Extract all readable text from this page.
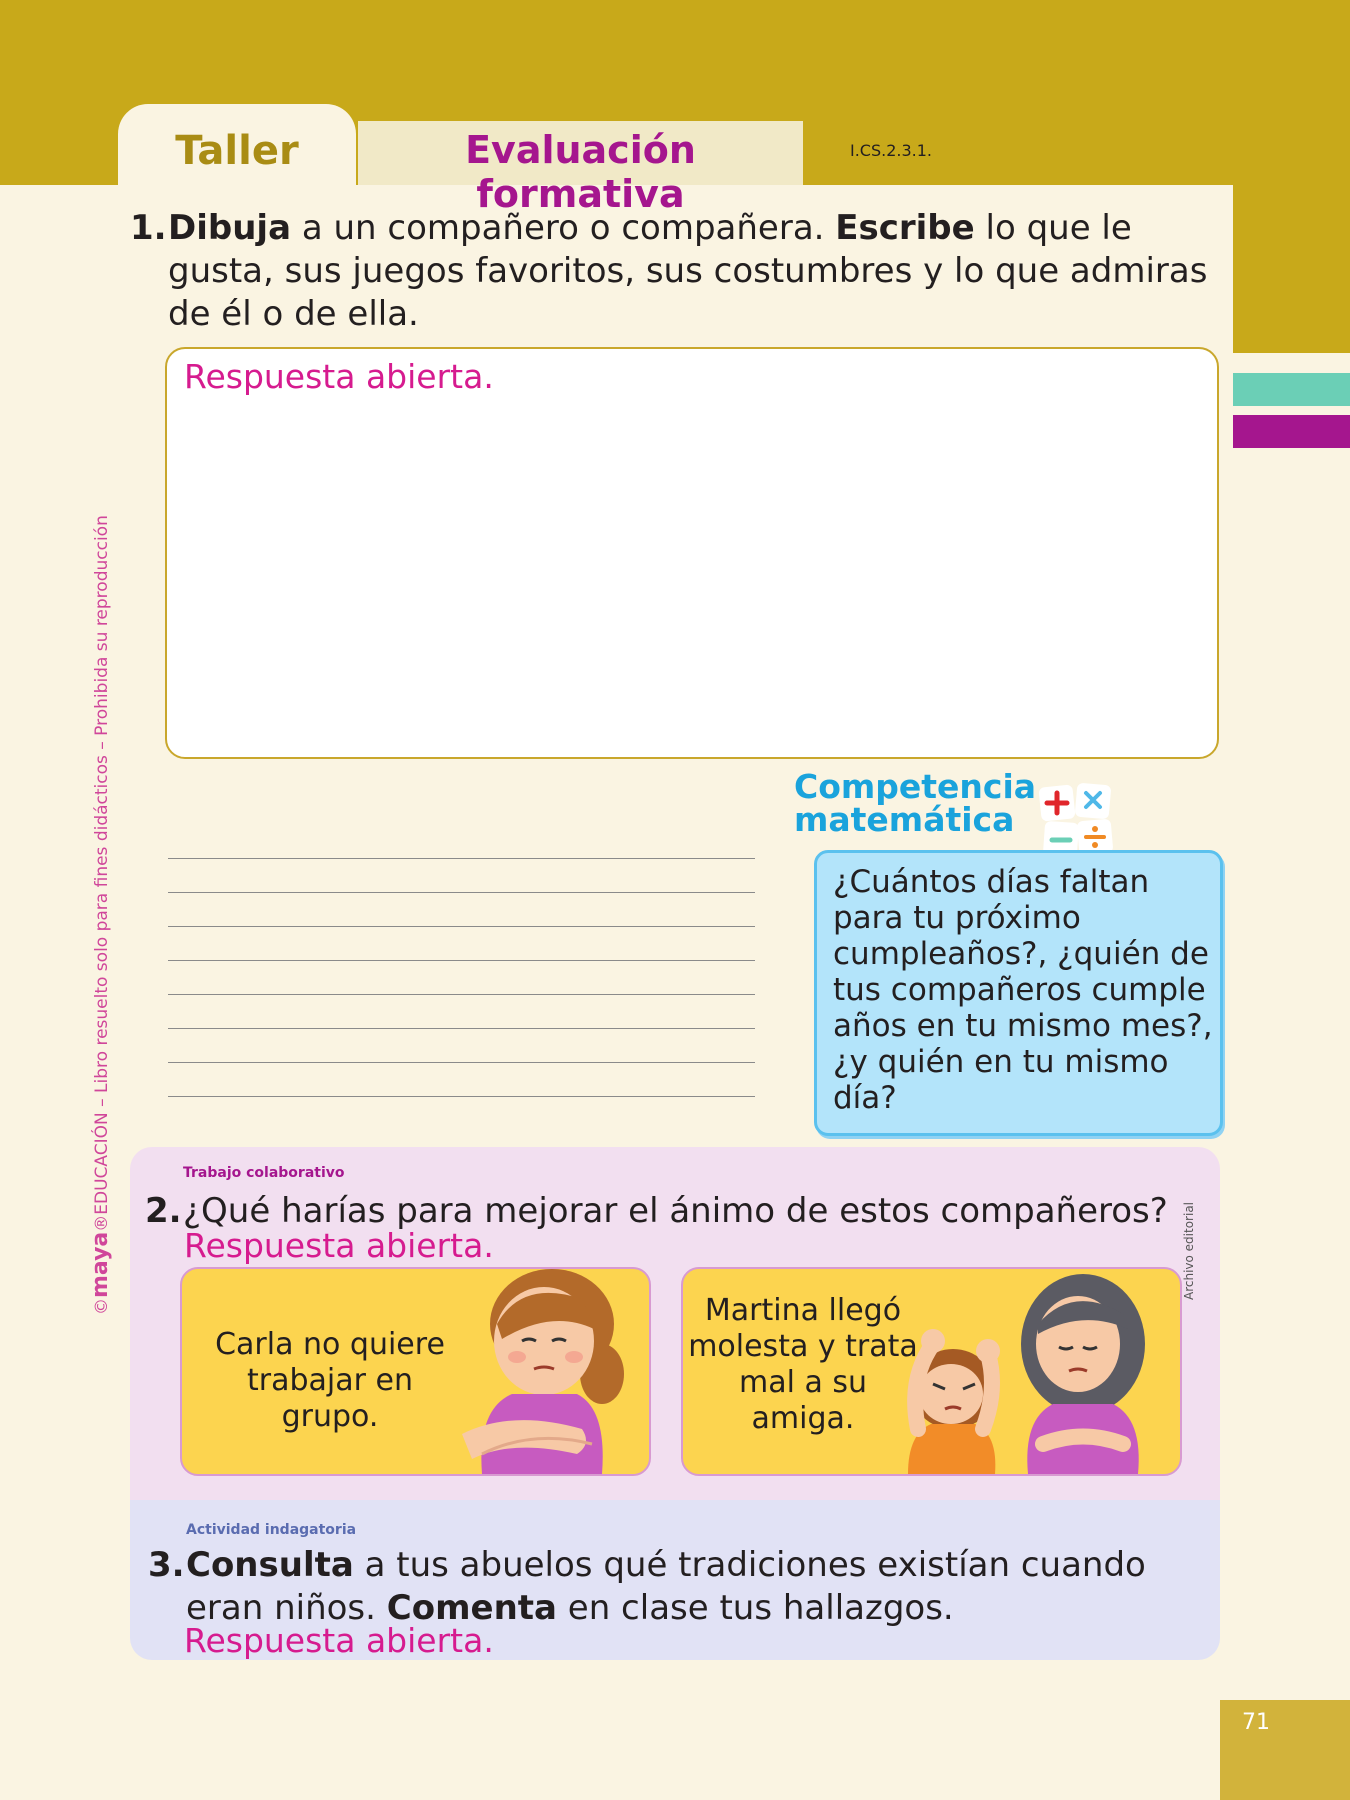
Taller	Evaluación formativa
I.CS.2.3.1.
1. Dibuja a un compañero o compañera. Escribe lo que le gusta, sus juegos favoritos, sus costumbres y lo que admiras de él o de ella.
Respuesta abierta.
Competencia
matemática
¿Cuántos días faltan para tu próximo cumpleaños?, ¿quién de tus compañeros cumple años en tu mismo mes?, ¿y quién en tu mismo día?
Trabajo colaborativo
2. ¿Qué harías para mejorar el ánimo de estos compañeros?
Respuesta abierta.
Carla no quiere trabajar en grupo.
Martina llegó molesta y trata mal a su amiga.
Archivo editorial
Actividad indagatoria
3. Consulta a tus abuelos qué tradiciones existían cuando eran niños. Comenta en clase tus hallazgos.
Respuesta abierta.
©maya®EDUCACIÓN – Libro resuelto solo para fines didácticos – Prohibida su reproducción
71
